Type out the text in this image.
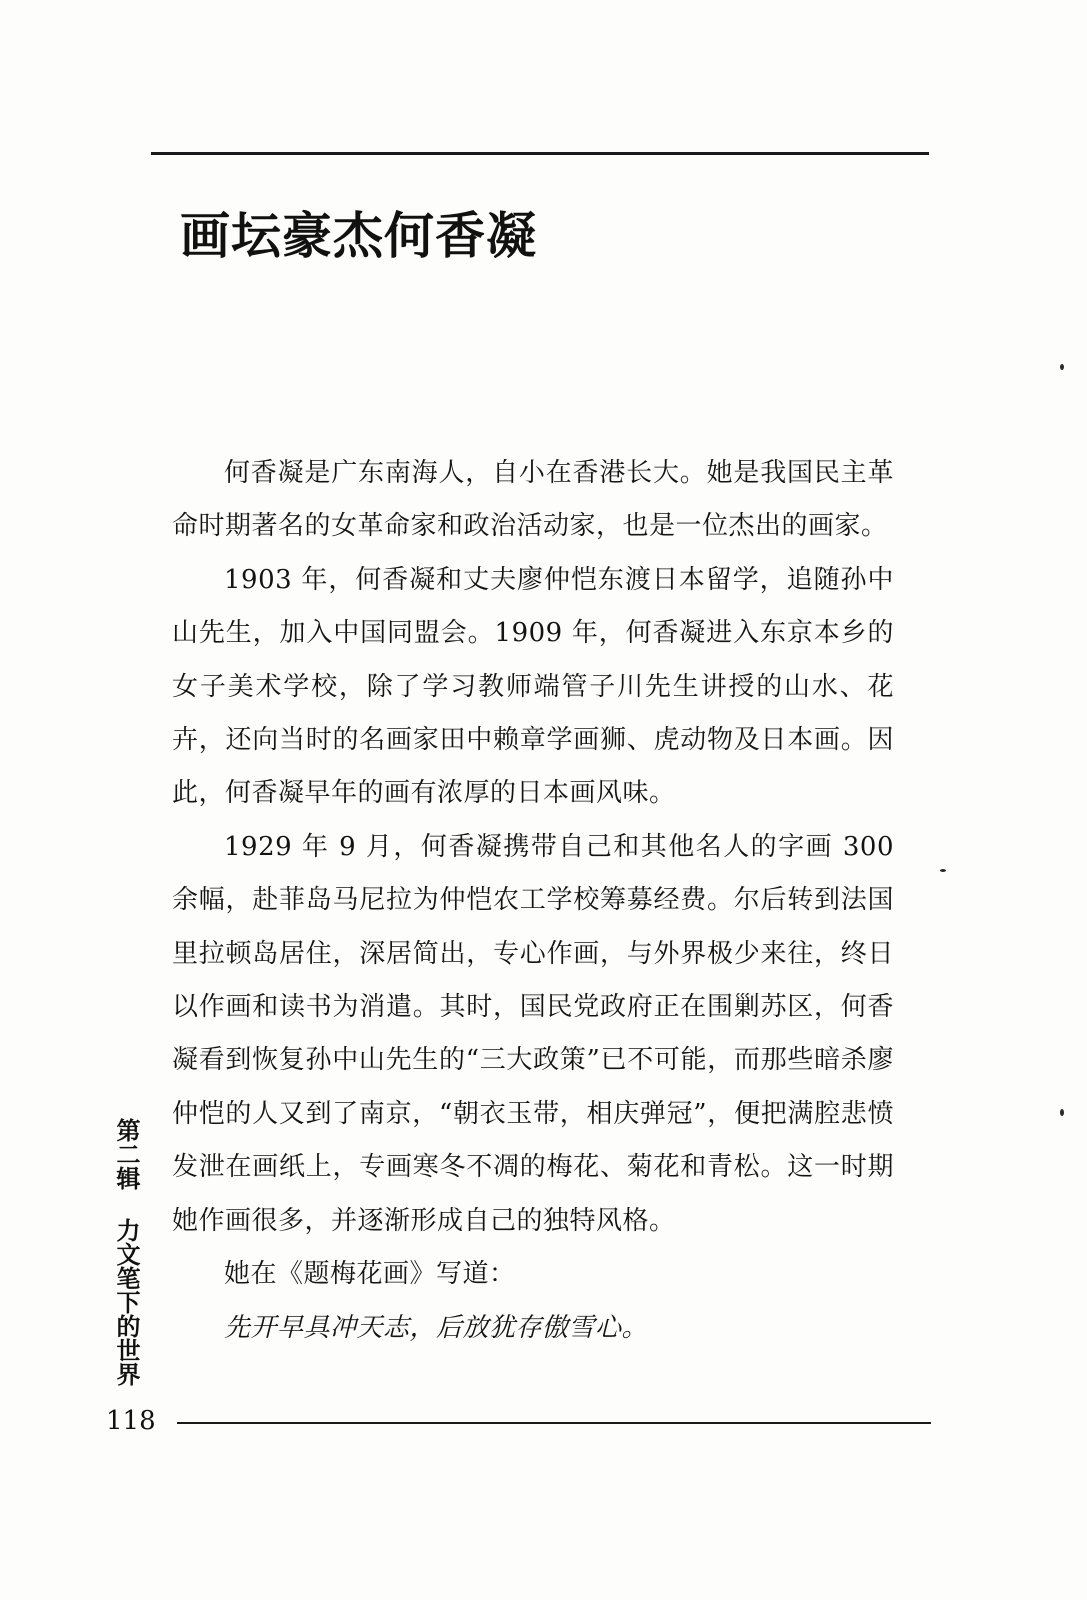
画坛豪杰何香凝

何香凝是广东南海人，自小在香港长大。她是我国民主革命时期著名的女革命家和政治活动家，也是一位杰出的画家。

1903 年，何香凝和丈夫廖仲恺东渡日本留学，追随孙中山先生，加入中国同盟会。1909 年，何香凝进入东京本乡的女子美术学校，除了学习教师端管子川先生讲授的山水、花卉，还向当时的名画家田中赖章学画狮、虎动物及日本画。因此，何香凝早年的画有浓厚的日本画风味。

1929 年 9 月，何香凝携带自己和其他名人的字画 300 余幅，赴菲岛马尼拉为仲恺农工学校筹募经费。尔后转到法国里拉顿岛居住，深居简出，专心作画，与外界极少来往，终日以作画和读书为消遣。其时，国民党政府正在围剿苏区，何香凝看到恢复孙中山先生的“三大政策”已不可能，而那些暗杀廖仲恺的人又到了南京，“朝衣玉带，相庆弹冠”，便把满腔悲愤发泄在画纸上，专画寒冬不凋的梅花、菊花和青松。这一时期她作画很多，并逐渐形成自己的独特风格。

她在《题梅花画》写道：

先开早具冲天志，后放犹存傲雪心。

第二辑 力文笔下的世界
118
